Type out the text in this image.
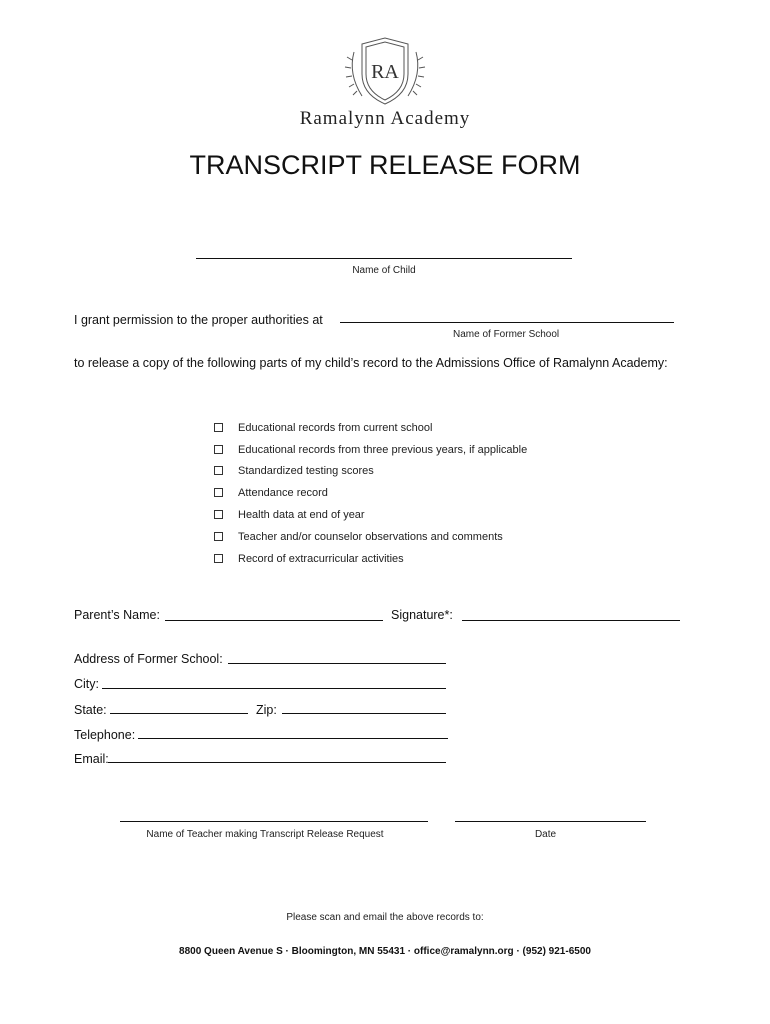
RA
Ramalynn Academy
TRANSCRIPT RELEASE FORM
Name of Child
I grant permission to the proper authorities at
Name of Former School
to release a copy of the following parts of my child’s record to the Admissions Office of Ramalynn Academy:
Educational records from current school
Educational records from three previous years, if applicable
Standardized testing scores
Attendance record
Health data at end of year
Teacher and/or counselor observations and comments
Record of extracurricular activities
Parent’s Name:	Signature*:
Address of Former School:
City:
State:	Zip:
Telephone:
Email:
Name of Teacher making Transcript Release Request	Date
Please scan and email the above records to:
8800 Queen Avenue S · Bloomington, MN 55431 · office@ramalynn.org · (952) 921-6500
